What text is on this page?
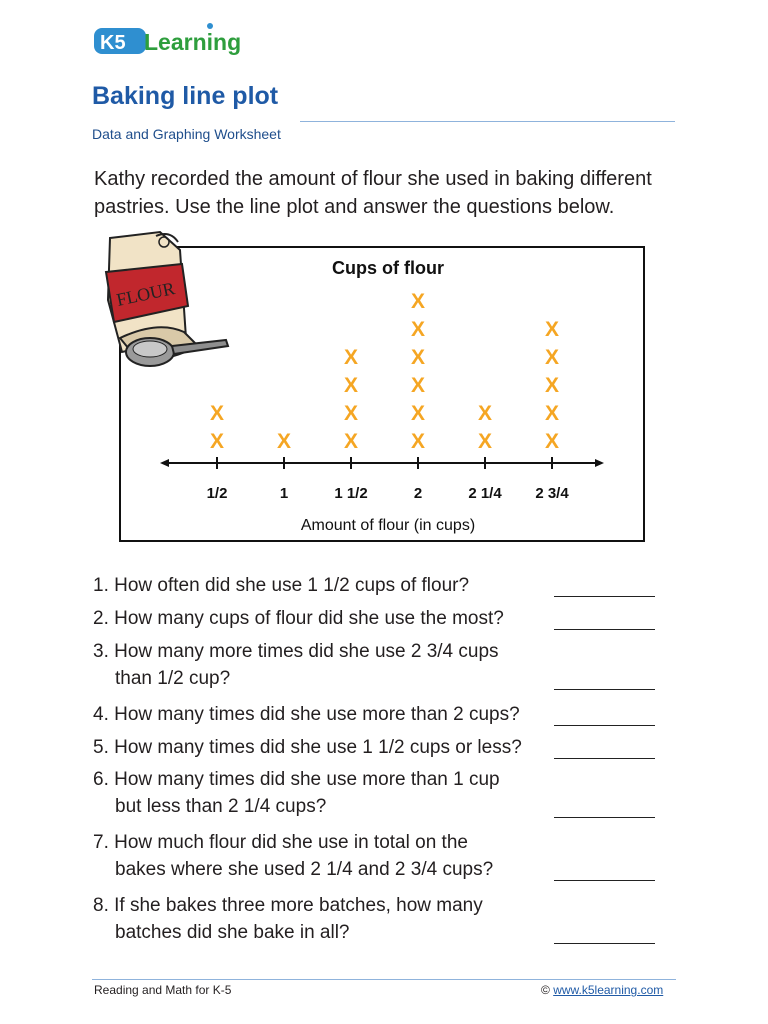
K5 Learning
Baking line plot
Data and Graphing Worksheet

Kathy recorded the amount of flour she used in baking different pastries. Use the line plot and answer the questions below.

Cups of flour
1/2	1	1 1/2	2	2 1/4 2 3/4
X
X
X	X
X
X
X
X
X
X
X
X
X
X
X
X
X
X
X
X
Amount of flour (in cups)
FLOUR
1. How often did she use 1 1/2 cups of flour?
2. How many cups of flour did she use the most?
3. How many more times did she use 2 3/4 cups
than 1/2 cup?
4. How many times did she use more than 2 cups?
5. How many times did she use 1 1/2 cups or less?
6. How many times did she use more than 1 cup
but less than 2 1/4 cups?
7. How much flour did she use in total on the
bakes where she used 2 1/4 and 2 3/4 cups?
8. If she bakes three more batches, how many
batches did she bake in all?
Reading and Math for K-5	© www.k5learning.com
